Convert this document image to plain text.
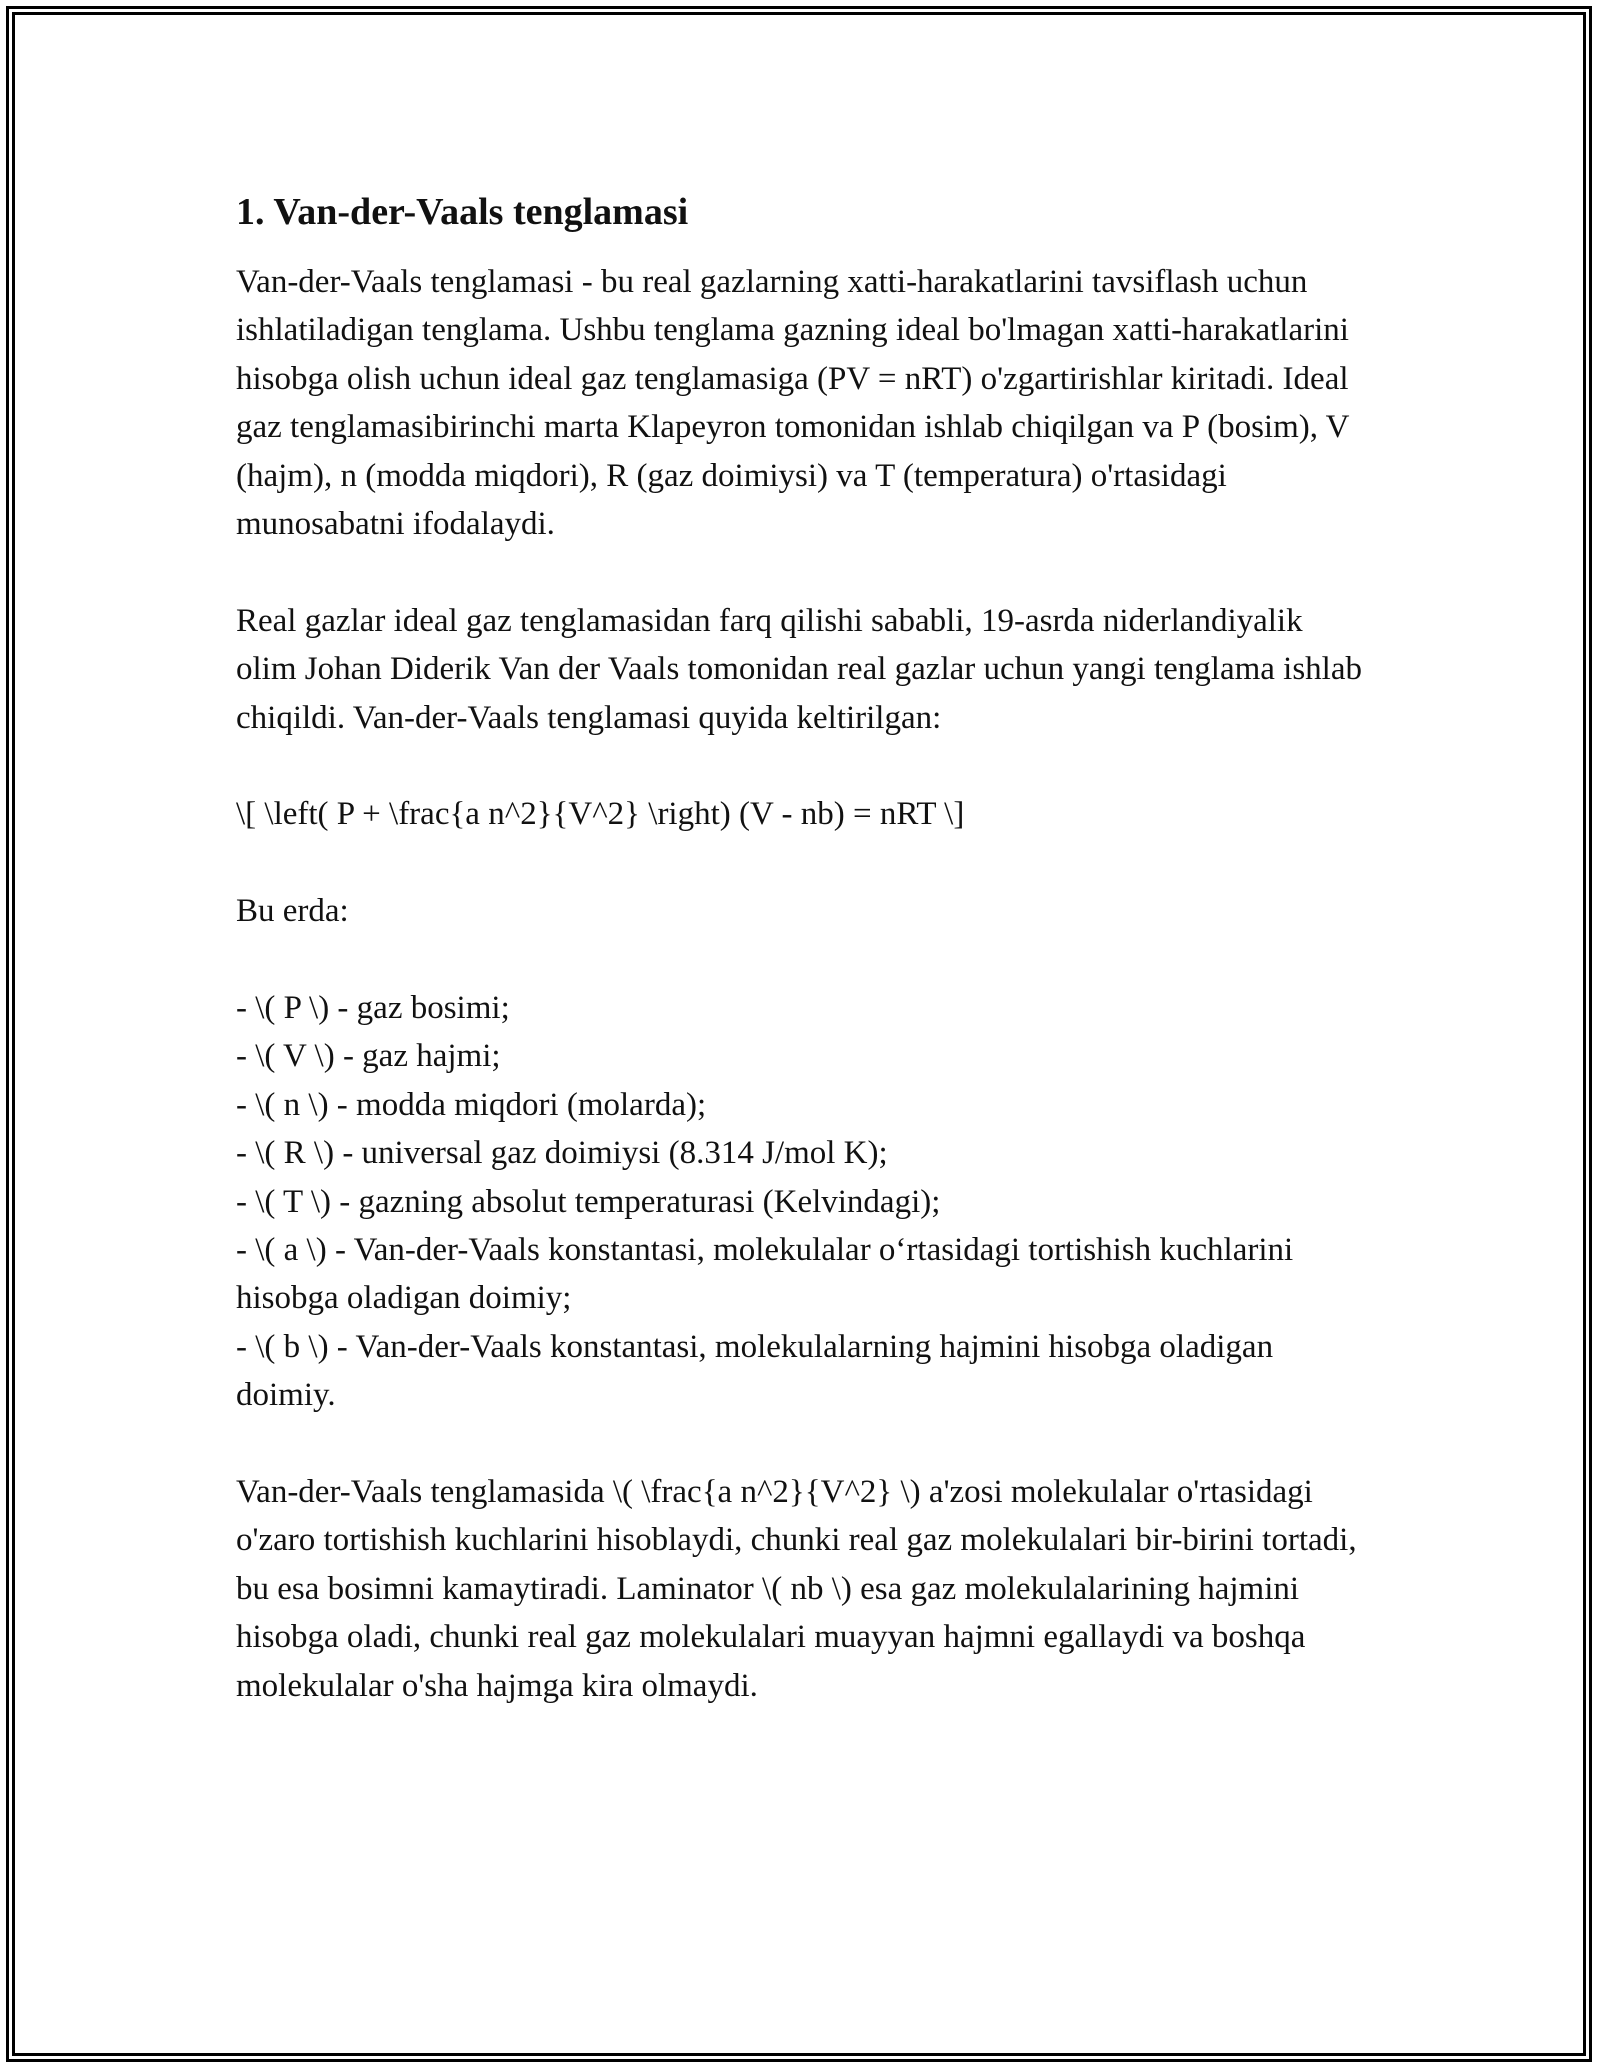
1. Van-der-Vaals tenglamasi

Van-der-Vaals tenglamasi - bu real gazlarning xatti-harakatlarini tavsiflash uchun ishlatiladigan tenglama. Ushbu tenglama gazning ideal bo'lmagan xatti-harakatlarini hisobga olish uchun ideal gaz tenglamasiga (PV = nRT) o'zgartirishlar kiritadi. Ideal gaz tenglamasibirinchi marta Klapeyron tomonidan ishlab chiqilgan va P (bosim), V (hajm), n (modda miqdori), R (gaz doimiysi) va T (temperatura) o'rtasidagi munosabatni ifodalaydi.

Real gazlar ideal gaz tenglamasidan farq qilishi sababli, 19-asrda niderlandiyalik olim Johan Diderik Van der Vaals tomonidan real gazlar uchun yangi tenglama ishlab chiqildi. Van-der-Vaals tenglamasi quyida keltirilgan:

\[ \left( P + \frac{a n^2}{V^2} \right) (V - nb) = nRT \]

Bu erda:

- \( P \) - gaz bosimi;

- \( V \) - gaz hajmi;

- \( n \) - modda miqdori (molarda);

- \( R \) - universal gaz doimiysi (8.314 J/mol K);

- \( T \) - gazning absolut temperaturasi (Kelvindagi);

- \( a \) - Van-der-Vaals konstantasi, molekulalar o‘rtasidagi tortishish kuchlarini hisobga oladigan doimiy;

- \( b \) - Van-der-Vaals konstantasi, molekulalarning hajmini hisobga oladigan doimiy.

Van-der-Vaals tenglamasida \( \frac{a n^2}{V^2} \) a'zosi molekulalar o'rtasidagi o'zaro tortishish kuchlarini hisoblaydi, chunki real gaz molekulalari bir-birini tortadi, bu esa bosimni kamaytiradi. Laminator \( nb \) esa gaz molekulalarining hajmini hisobga oladi, chunki real gaz molekulalari muayyan hajmni egallaydi va boshqa molekulalar o'sha hajmga kira olmaydi.
